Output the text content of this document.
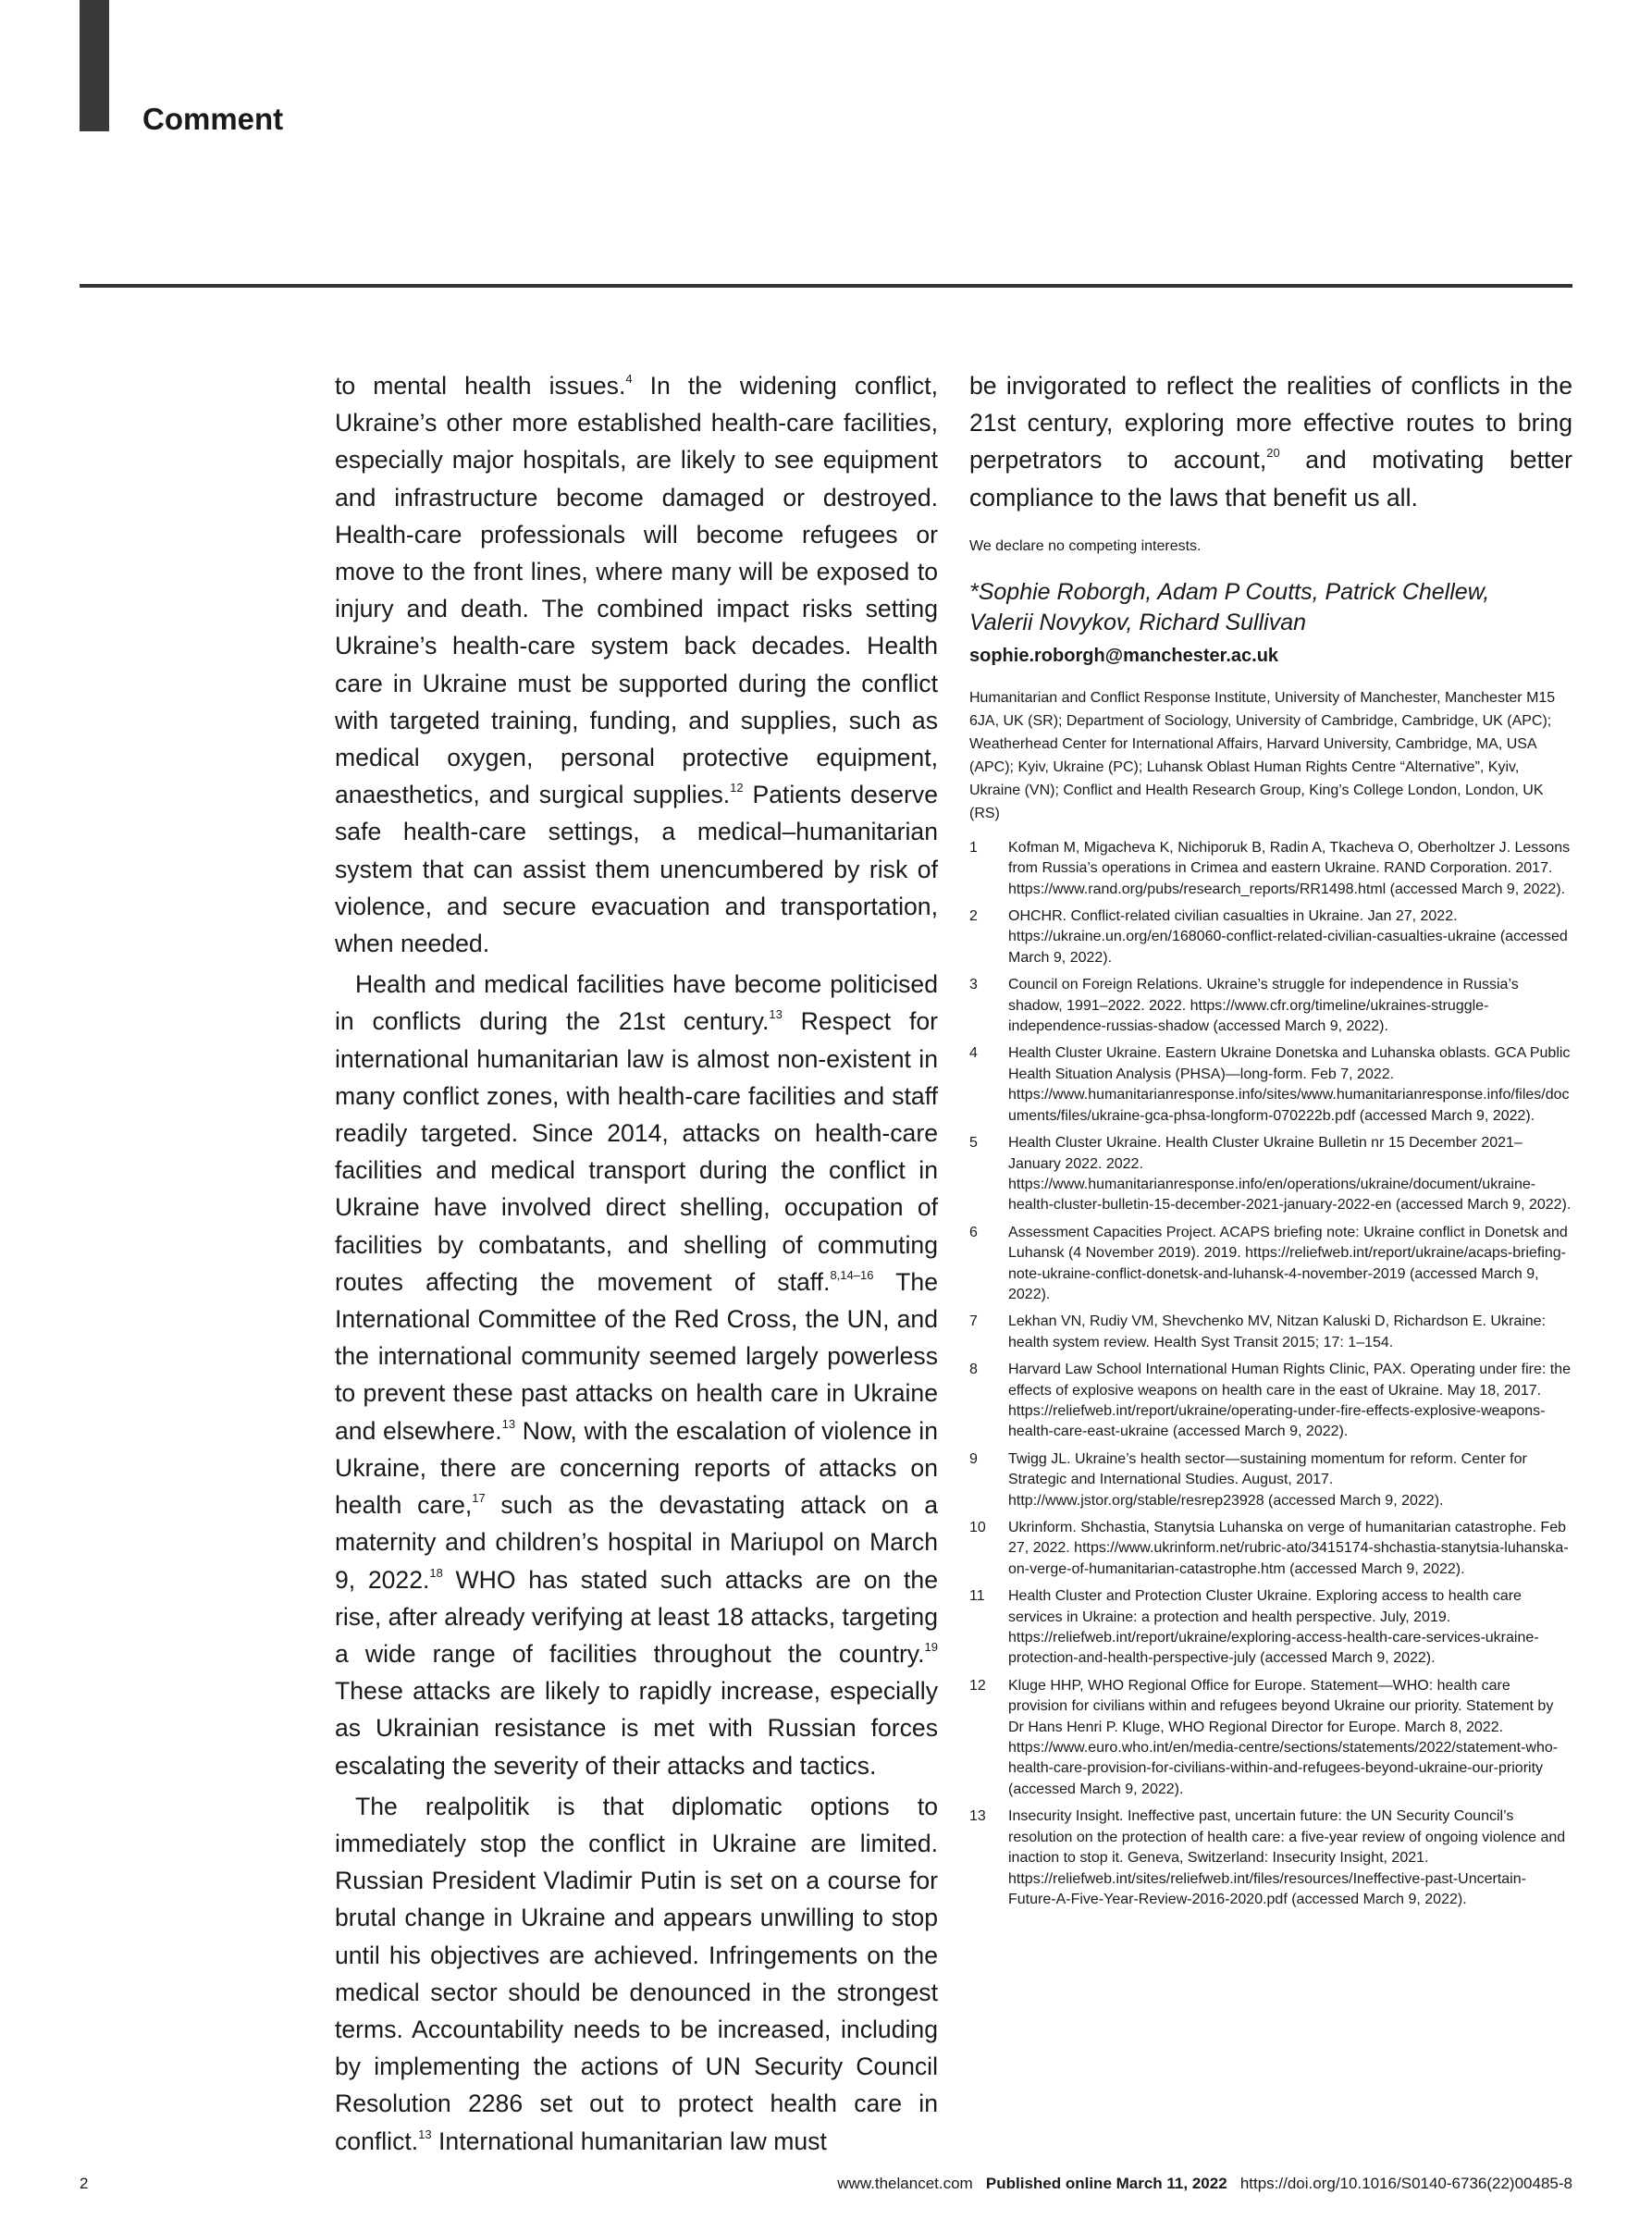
Comment

to mental health issues.$^4$ In the widening conflict, Ukraine’s other more established health-care facilities, especially major hospitals, are likely to see equipment and infrastructure become damaged or destroyed. Health-care professionals will become refugees or move to the front lines, where many will be exposed to injury and death. The combined impact risks setting Ukraine’s health-care system back decades. Health care in Ukraine must be supported during the conflict with targeted training, funding, and supplies, such as medical oxygen, personal protective equipment, anaesthetics, and surgical supplies.$^{12}$ Patients deserve safe health-care settings, a medical–humanitarian system that can assist them unencumbered by risk of violence, and secure evacuation and transportation, when needed.

Health and medical facilities have become politicised in conflicts during the 21st century.$^{13}$ Respect for international humanitarian law is almost non-existent in many conflict zones, with health-care facilities and staff readily targeted. Since 2014, attacks on health-care facilities and medical transport during the conflict in Ukraine have involved direct shelling, occupation of facilities by combatants, and shelling of commuting routes affecting the movement of staff.$^{8,14-16}$ The International Committee of the Red Cross, the UN, and the international community seemed largely powerless to prevent these past attacks on health care in Ukraine and elsewhere.$^{13}$ Now, with the escalation of violence in Ukraine, there are concerning reports of attacks on health care,$^{17}$ such as the devastating attack on a maternity and children’s hospital in Mariupol on March 9, 2022.18 WHO has stated such attacks are on the rise, after already verifying at least 18 attacks, targeting a wide range of facilities throughout the country.$^{19}$ These attacks are likely to rapidly increase, especially as Ukrainian resistance is met with Russian forces escalating the severity of their attacks and tactics.

The realpolitik is that diplomatic options to immediately stop the conflict in Ukraine are limited. Russian President Vladimir Putin is set on a course for brutal change in Ukraine and appears unwilling to stop until his objectives are achieved. Infringements on the medical sector should be denounced in the strongest terms. Accountability needs to be increased, including by implementing the actions of UN Security Council Resolution 2286 set out to protect health care in conflict.$^{13}$ International humanitarian law must

be invigorated to reflect the realities of conflicts in the 21st century, exploring more effective routes to bring perpetrators to account,$^{20}$ and motivating better compliance to the laws that benefit us all.

We declare no competing interests.

*Sophie Roborgh, Adam P Coutts, Patrick Chellew,
Valerii Novykov, Richard Sullivan

sophie.roborgh@manchester.ac.uk

Humanitarian and Conflict Response Institute, University of Manchester, Manchester M15 6JA, UK (SR); Department of Sociology, University of Cambridge, Cambridge, UK (APC); Weatherhead Center for International Affairs, Harvard University, Cambridge, MA, USA (APC); Kyiv, Ukraine (PC); Luhansk Oblast Human Rights Centre “Alternative”, Kyiv, Ukraine (VN); Conflict and Health Research Group, King’s College London, London, UK (RS)

1	Kofman M, Migacheva K, Nichiporuk B, Radin A, Tkacheva O, Oberholtzer J. Lessons from Russia’s operations in Crimea and eastern Ukraine. RAND Corporation. 2017. https://www.rand.org/pubs/research_reports/RR1498.html (accessed March 9, 2022).
2	OHCHR. Conflict-related civilian casualties in Ukraine. Jan 27, 2022. https://ukraine.un.org/en/168060-conflict-related-civilian-casualties-ukraine (accessed March 9, 2022).
3	Council on Foreign Relations. Ukraine’s struggle for independence in Russia’s shadow, 1991–2022. 2022. https://www.cfr.org/timeline/ukraines-struggle-independence-russias-shadow (accessed March 9, 2022).
4	Health Cluster Ukraine. Eastern Ukraine Donetska and Luhanska oblasts. GCA Public Health Situation Analysis (PHSA)—long-form. Feb 7, 2022. https://www.humanitarianresponse.info/sites/www.humanitarianresponse.info/files/documents/files/ukraine-gca-phsa-longform-070222b.pdf (accessed March 9, 2022).
5	Health Cluster Ukraine. Health Cluster Ukraine Bulletin nr 15 December 2021–January 2022. 2022. https://www.humanitarianresponse.info/en/operations/ukraine/document/ukraine-health-cluster-bulletin-15-december-2021-january-2022-en (accessed March 9, 2022).
6	Assessment Capacities Project. ACAPS briefing note: Ukraine conflict in Donetsk and Luhansk (4 November 2019). 2019. https://reliefweb.int/report/ukraine/acaps-briefing-note-ukraine-conflict-donetsk-and-luhansk-4-november-2019 (accessed March 9, 2022).
7	Lekhan VN, Rudiy VM, Shevchenko MV, Nitzan Kaluski D, Richardson E. Ukraine: health system review. Health Syst Transit 2015; 17: 1–154.
8	Harvard Law School International Human Rights Clinic, PAX. Operating under fire: the effects of explosive weapons on health care in the east of Ukraine. May 18, 2017. https://reliefweb.int/report/ukraine/operating-under-fire-effects-explosive-weapons-health-care-east-ukraine (accessed March 9, 2022).
9	Twigg JL. Ukraine’s health sector—sustaining momentum for reform. Center for Strategic and International Studies. August, 2017. http://www.jstor.org/stable/resrep23928 (accessed March 9, 2022).
10	Ukrinform. Shchastia, Stanytsia Luhanska on verge of humanitarian catastrophe. Feb 27, 2022. https://www.ukrinform.net/rubric-ato/3415174-shchastia-stanytsia-luhanska-on-verge-of-humanitarian-catastrophe.htm (accessed March 9, 2022).
11	Health Cluster and Protection Cluster Ukraine. Exploring access to health care services in Ukraine: a protection and health perspective. July, 2019. https://reliefweb.int/report/ukraine/exploring-access-health-care-services-ukraine-protection-and-health-perspective-july (accessed March 9, 2022).
12	Kluge HHP, WHO Regional Office for Europe. Statement—WHO: health care provision for civilians within and refugees beyond Ukraine our priority. Statement by Dr Hans Henri P. Kluge, WHO Regional Director for Europe. March 8, 2022. https://www.euro.who.int/en/media-centre/sections/statements/2022/statement-who-health-care-provision-for-civilians-within-and-refugees-beyond-ukraine-our-priority (accessed March 9, 2022).
13	Insecurity Insight. Ineffective past, uncertain future: the UN Security Council’s resolution on the protection of health care: a five-year review of ongoing violence and inaction to stop it. Geneva, Switzerland: Insecurity Insight, 2021. https://reliefweb.int/sites/reliefweb.int/files/resources/Ineffective-past-Uncertain-Future-A-Five-Year-Review-2016-2020.pdf (accessed March 9, 2022).
2	www.thelancet.com Published online March 11, 2022 https://doi.org/10.1016/S0140-6736(22)00485-8
